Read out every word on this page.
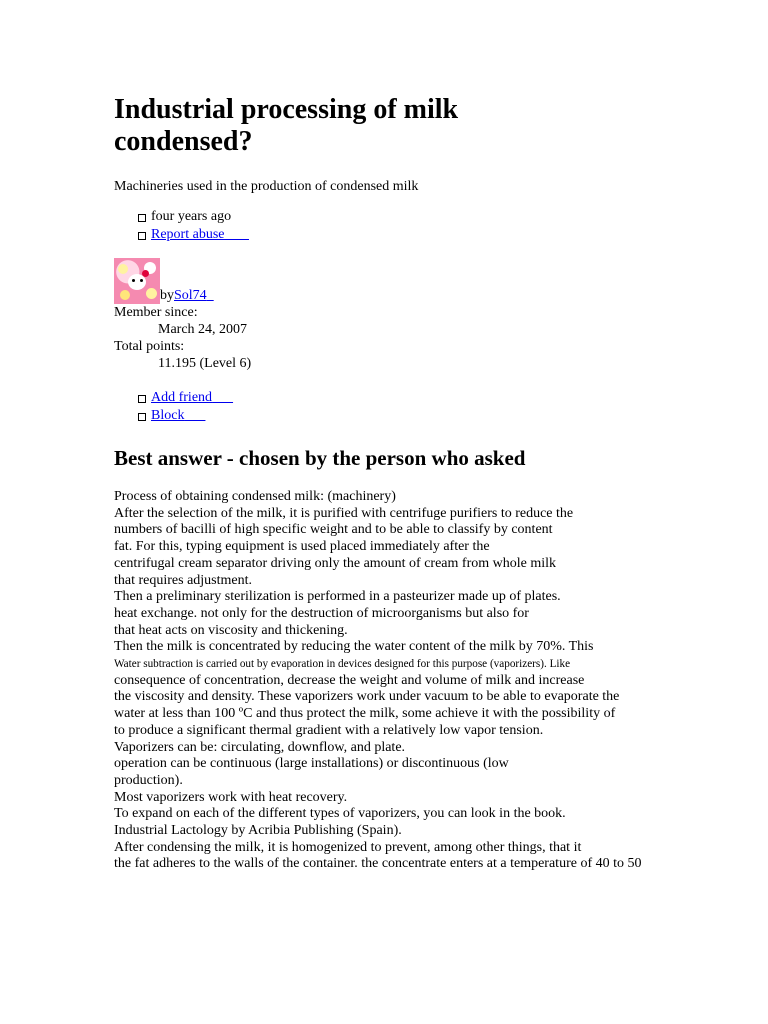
Industrial processing of milk condensed?
Machineries used in the production of condensed milk
four years ago
Report abuse
by Sol74
Member since:
March 24, 2007
Total points:
11.195 (Level 6)
Add friend
Block
Best answer - chosen by the person who asked
Process of obtaining condensed milk: (machinery)
After the selection of the milk, it is purified with centrifuge purifiers to reduce the
numbers of bacilli of high specific weight and to be able to classify by content
fat. For this, typing equipment is used placed immediately after the
centrifugal cream separator driving only the amount of cream from whole milk
that requires adjustment.
Then a preliminary sterilization is performed in a pasteurizer made up of plates.
heat exchange. not only for the destruction of microorganisms but also for
that heat acts on viscosity and thickening.
Then the milk is concentrated by reducing the water content of the milk by 70%. This
Water subtraction is carried out by evaporation in devices designed for this purpose (vaporizers). Like
consequence of concentration, decrease the weight and volume of milk and increase
the viscosity and density. These vaporizers work under vacuum to be able to evaporate the
water at less than 100 ºC and thus protect the milk, some achieve it with the possibility of
to produce a significant thermal gradient with a relatively low vapor tension.
Vaporizers can be: circulating, downflow, and plate.
operation can be continuous (large installations) or discontinuous (low
production).
Most vaporizers work with heat recovery.
To expand on each of the different types of vaporizers, you can look in the book.
Industrial Lactology by Acribia Publishing (Spain).
After condensing the milk, it is homogenized to prevent, among other things, that it
the fat adheres to the walls of the container. the concentrate enters at a temperature of 40 to 50
